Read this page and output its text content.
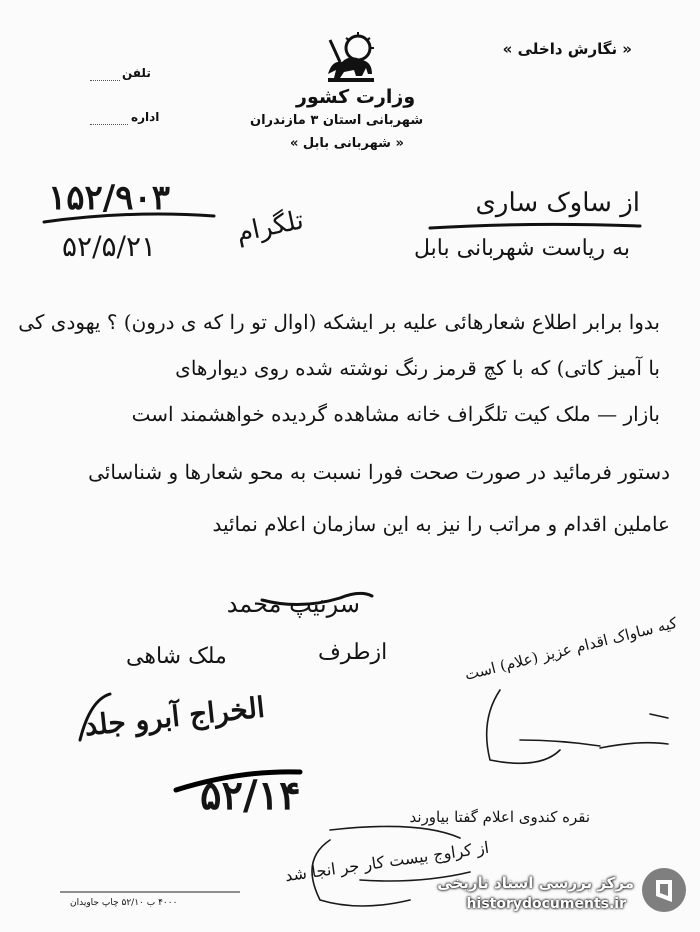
« نگارش داخلی »
تلفن
اداره
وزارت کشور
شهربانی استان ۳ مازندران
« شهربانی بابل »
۱۵۲/۹۰۳
۵۲/۵/۲۱	تلگرام
از ساوک ساری
به ریاست شهربانی بابل
بدوا برابر اطلاع شعارهائی علیه بر ایشکه (اوال تو را که ی درون) ؟ یهودی کی
با آمیز کاتی) که با کچ قرمز رنگ نوشته شده روی دیوارهای
بازار — ملک کیت تلگراف خانه مشاهده گردیده خواهشمند است
دستور فرمائید در صورت صحت فورا نسبت به محو شعارها و شناسائی
عاملین اقدام و مراتب را نیز به این سازمان اعلام نمائید
سرتیپ محمد
ازطرف
ملک شاهی	کیه ساواک اقدام عزیز (علام) است
الخراج آبرو جلد
۵۲/۱۴	نقره کندوی اعلام گفتا بیاورند
از کراوج بیست کار جر انجا شد
۴۰۰۰ ب ۵۲/۱۰ چاپ جاویدان
مرکز بررسی اسناد تاریخی
historydocuments.ir
